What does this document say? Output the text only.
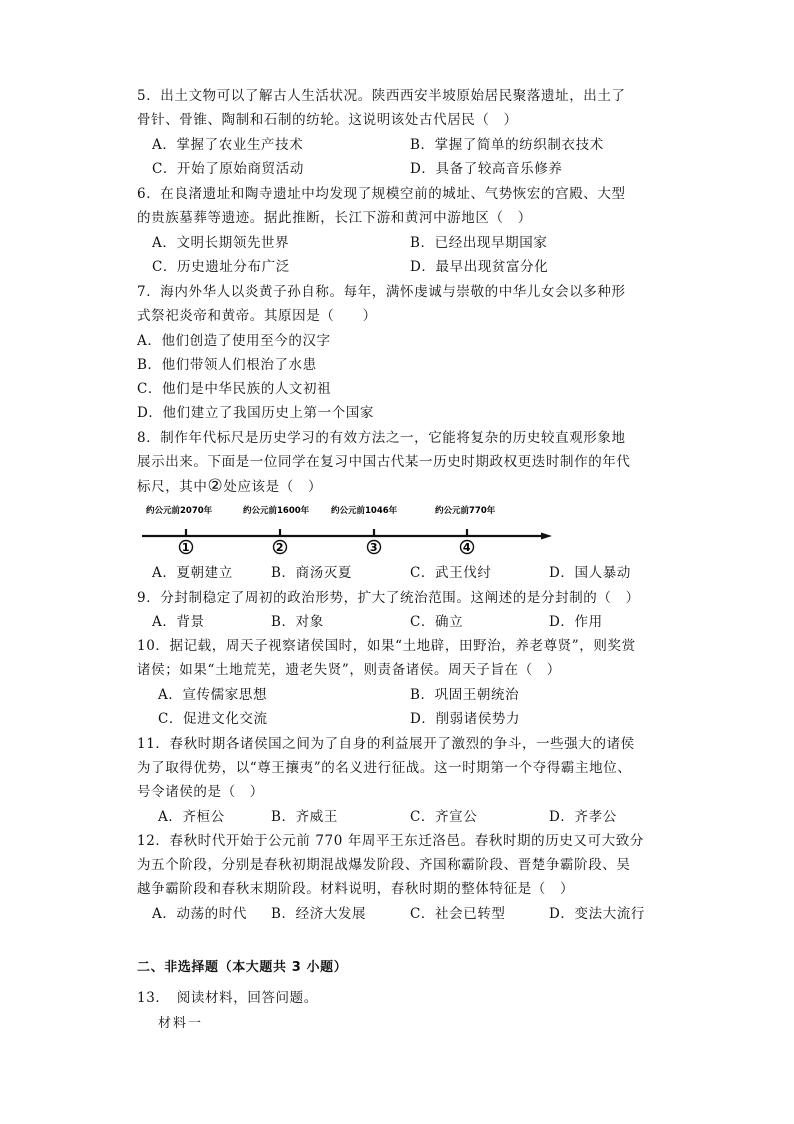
5．出土文物可以了解古人生活状况。陕西西安半坡原始居民聚落遗址，出土了
骨针、骨锥、陶制和石制的纺轮。这说明该处古代居民（　）
A．掌握了农业生产技术	B．掌握了简单的纺织制衣技术
C．开始了原始商贸活动	D．具备了较高音乐修养
6．在良渚遗址和陶寺遗址中均发现了规模空前的城址、气势恢宏的宫殿、大型
的贵族墓葬等遗迹。据此推断，长江下游和黄河中游地区（　）
A．文明长期领先世界	B．已经出现早期国家
C．历史遗址分布广泛	D．最早出现贫富分化
7．海内外华人以炎黄子孙自称。每年，满怀虔诚与崇敬的中华儿女会以多种形
式祭祀炎帝和黄帝。其原因是（　　）
A．他们创造了使用至今的汉字
B．他们带领人们根治了水患
C．他们是中华民族的人文初祖
D．他们建立了我国历史上第一个国家
8．制作年代标尺是历史学习的有效方法之一，它能将复杂的历史较直观形象地
展示出来。下面是一位同学在复习中国古代某一历史时期政权更迭时制作的年代
标尺，其中②处应该是（　）
约公元前2070年	约公元前1600年	约公元前1046年	约公元前770年
1	2	3	4
A．夏朝建立	B．商汤灭夏	C．武王伐纣	D．国人暴动
9．分封制稳定了周初的政治形势，扩大了统治范围。这阐述的是分封制的（　）
A．背景	B．对象	C．确立	D．作用
10．据记载，周天子视察诸侯国时，如果“土地辟，田野治，养老尊贤”，则奖赏
诸侯；如果“土地荒芜，遗老失贤”，则责备诸侯。周天子旨在（　）
A．宣传儒家思想	B．巩固王朝统治
C．促进文化交流	D．削弱诸侯势力
11．春秋时期各诸侯国之间为了自身的利益展开了激烈的争斗，一些强大的诸侯
为了取得优势，以“尊王攘夷”的名义进行征战。这一时期第一个夺得霸主地位、
号令诸侯的是（　）
A．齐桓公	B．齐威王	C．齐宣公	D．齐孝公
12．春秋时代开始于公元前 770 年周平王东迁洛邑。春秋时期的历史又可大致分
为五个阶段，分别是春秋初期混战爆发阶段、齐国称霸阶段、晋楚争霸阶段、吴
越争霸阶段和春秋末期阶段。材料说明，春秋时期的整体特征是（　）
A．动荡的时代 B．经济大发展	C．社会已转型	D．变法大流行
二、非选择题（本大题共 3 小题）
13．　阅读材料，回答问题。
材料一
